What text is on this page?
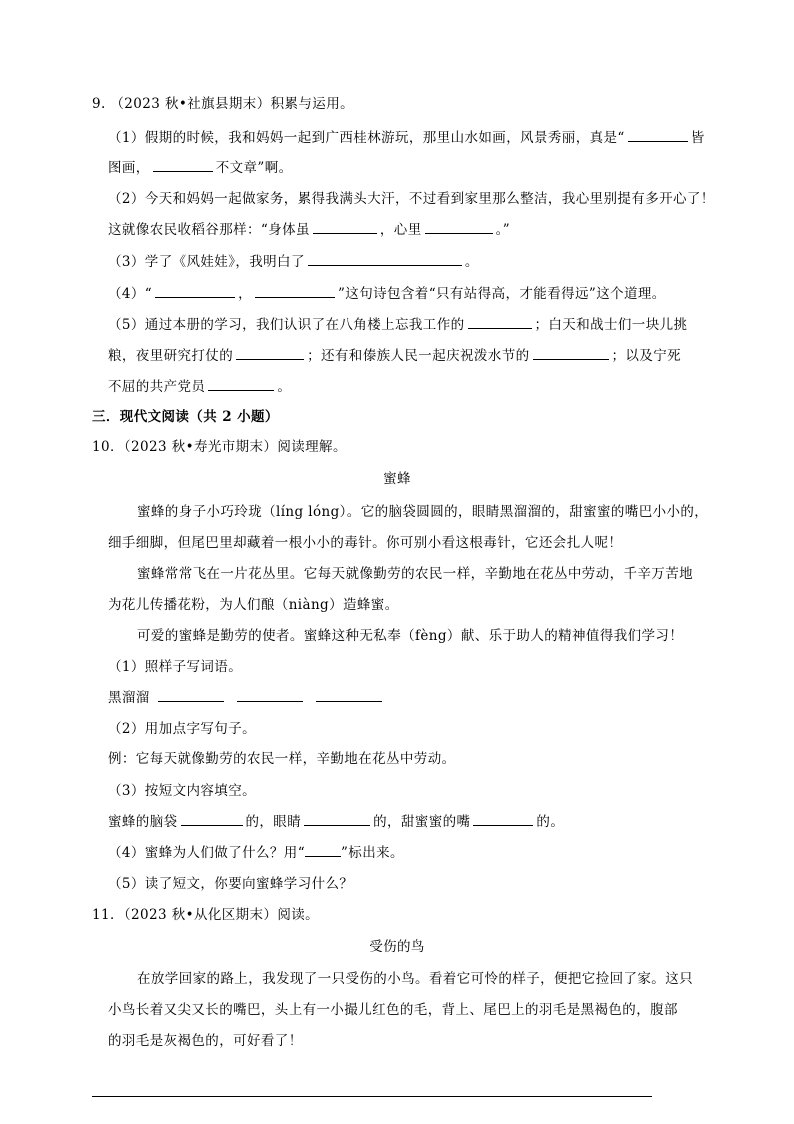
9. （2023 秋•社旗县期末）积累与运用。
（1）假期的时候，我和妈妈一起到广西桂林游玩，那里山水如画，风景秀丽，真是“	皆
图画，	不文章”啊。
（2）今天和妈妈一起做家务，累得我满头大汗，不过看到家里那么整洁，我心里别提有多开心了！
这就像农民收稻谷那样：“身体虽	，心里	。”
（3）学了《风娃娃》，我明白了	。
（4）“	，	”这句诗包含着“只有站得高，才能看得远”这个道理。
（5）通过本册的学习，我们认识了在八角楼上忘我工作的	；白天和战士们一块儿挑
粮，夜里研究打仗的	；还有和傣族人民一起庆祝泼水节的	；以及宁死
不屈的共产党员	。
三．现代文阅读（共 2 小题）
10．（2023 秋•寿光市期末）阅读理解。
蜜蜂
蜜蜂的身子小巧玲珑（líng lóng）。它的脑袋圆圆的，眼睛黑溜溜的，甜蜜蜜的嘴巴小小的，
细手细脚，但尾巴里却藏着一根小小的毒针。你可别小看这根毒针，它还会扎人呢！
蜜蜂常常飞在一片花丛里。它每天就像勤劳的农民一样，辛勤地在花丛中劳动，千辛万苦地
为花儿传播花粉，为人们酿（niàng）造蜂蜜。
可爱的蜜蜂是勤劳的使者。蜜蜂这种无私奉（fèng）献、乐于助人的精神值得我们学习！
（1）照样子写词语。
黑溜溜
（2）用加点字写句子。
例：它每天就像勤劳的农民一样，辛勤地在花丛中劳动。
（3）按短文内容填空。
蜜蜂的脑袋	的，眼睛	的，甜蜜蜜的嘴	的。
（4）蜜蜂为人们做了什么？用“	”标出来。
（5）读了短文，你要向蜜蜂学习什么？
11．（2023 秋•从化区期末）阅读。
受伤的鸟
在放学回家的路上，我发现了一只受伤的小鸟。看着它可怜的样子，便把它捡回了家。这只
小鸟长着又尖又长的嘴巴，头上有一小撮儿红色的毛，背上、尾巴上的羽毛是黑褐色的，腹部
的羽毛是灰褐色的，可好看了！
